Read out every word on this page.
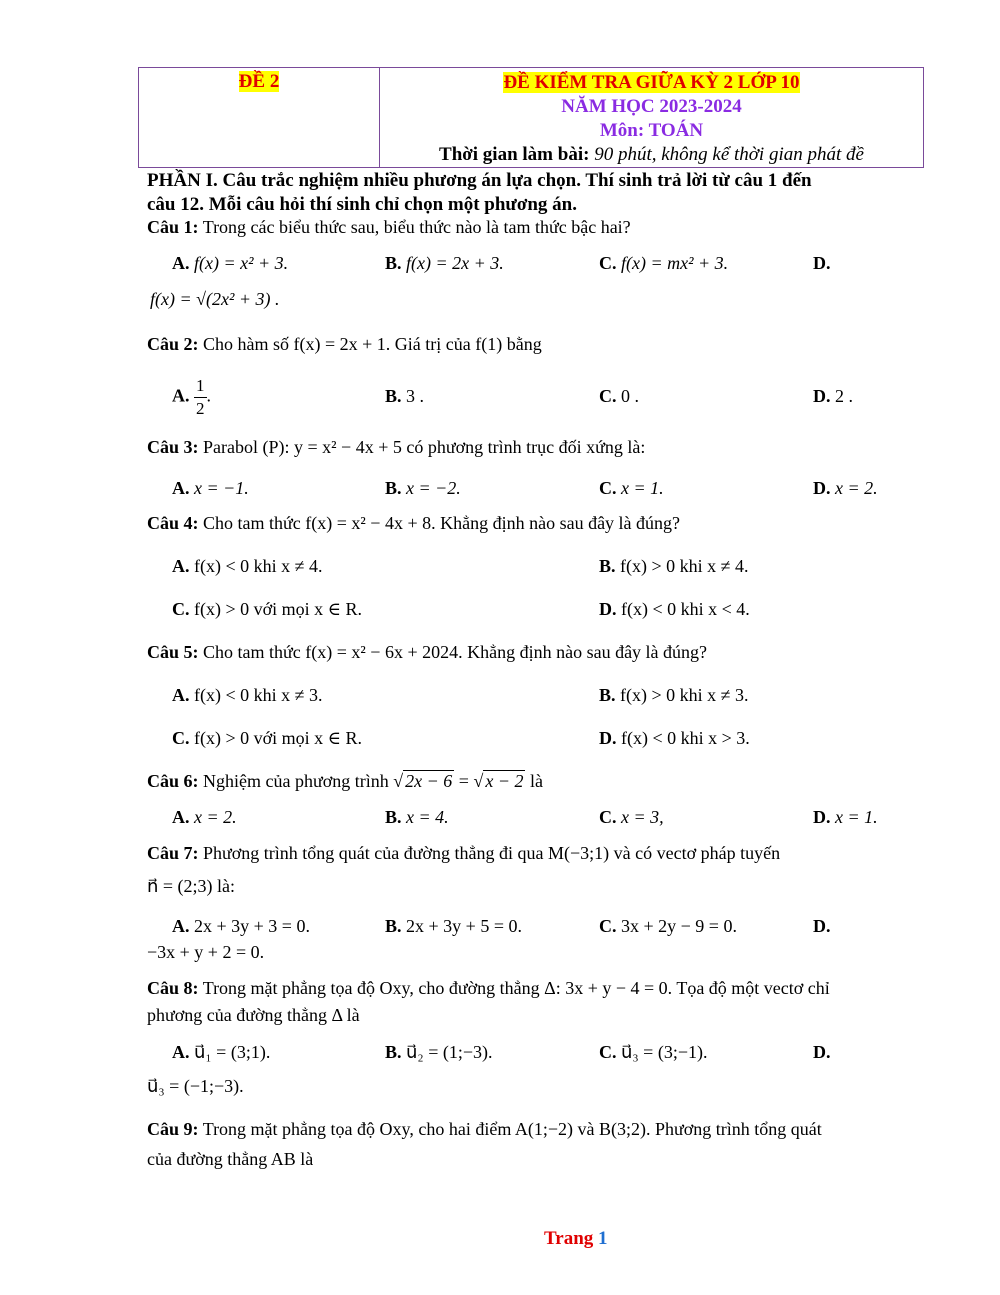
ĐỀ 2	ĐỀ KIỂM TRA GIỮA KỲ 2 LỚP 10
NĂM HỌC 2023-2024
Môn: TOÁN
Thời gian làm bài: 90 phút, không kể thời gian phát đề
PHẦN I. Câu trắc nghiệm nhiều phương án lựa chọn. Thí sinh trả lời từ câu 1 đến
câu 12. Mỗi câu hỏi thí sinh chỉ chọn một phương án.
Câu 1: Trong các biểu thức sau, biểu thức nào là tam thức bậc hai?
A. f(x) = x² + 3.	B. f(x) = 2x + 3.	C. f(x) = mx² + 3.	D.
f(x) = √(2x² + 3) .
Câu 2: Cho hàm số f(x) = 2x + 1. Giá trị của f(1) bằng
A. $\frac{1}{2}$ .	B. 3 .	C. 0 .	D. 2 .
Câu 3: Parabol (P): y = x² − 4x + 5 có phương trình trục đối xứng là:
A. x = −1.	B. x = −2.	C. x = 1.	D. x = 2.
Câu 4: Cho tam thức f(x) = x² − 4x + 8. Khẳng định nào sau đây là đúng?
A. f(x) < 0 khi x ≠ 4.	B. f(x) > 0 khi x ≠ 4.
C. f(x) > 0 với mọi x ∈ R.	D. f(x) < 0 khi x < 4.
Câu 5: Cho tam thức f(x) = x² − 6x + 2024. Khẳng định nào sau đây là đúng?
A. f(x) < 0 khi x ≠ 3.	B. f(x) > 0 khi x ≠ 3.
C. f(x) > 0 với mọi x ∈ R.	D. f(x) < 0 khi x > 3.
Câu 6: Nghiệm của phương trình √ 2x − 6 = √ x − 2 là
A. x = 2.	B. x = 4.	C. x = 3,	D. x = 1.
Câu 7: Phương trình tổng quát của đường thẳng đi qua M(−3;1) và có vectơ pháp tuyến
n⃗ = (2;3) là:
A. 2x + 3y + 3 = 0.	B. 2x + 3y + 5 = 0.	C. 3x + 2y − 9 = 0.	D.
−3x + y + 2 = 0.
Câu 8: Trong mặt phẳng tọa độ Oxy, cho đường thẳng Δ: 3x + y − 4 = 0. Tọa độ một vectơ chỉ
phương của đường thẳng Δ là
A. u⃗₁ = (3;1).	B. u⃗₂ = (1;−3).	C. u⃗₃ = (3;−1).	D.
u⃗₃ = (−1;−3).
Câu 9: Trong mặt phẳng tọa độ Oxy, cho hai điểm A(1;−2) và B(3;2). Phương trình tổng quát
của đường thẳng AB là
Trang 1
